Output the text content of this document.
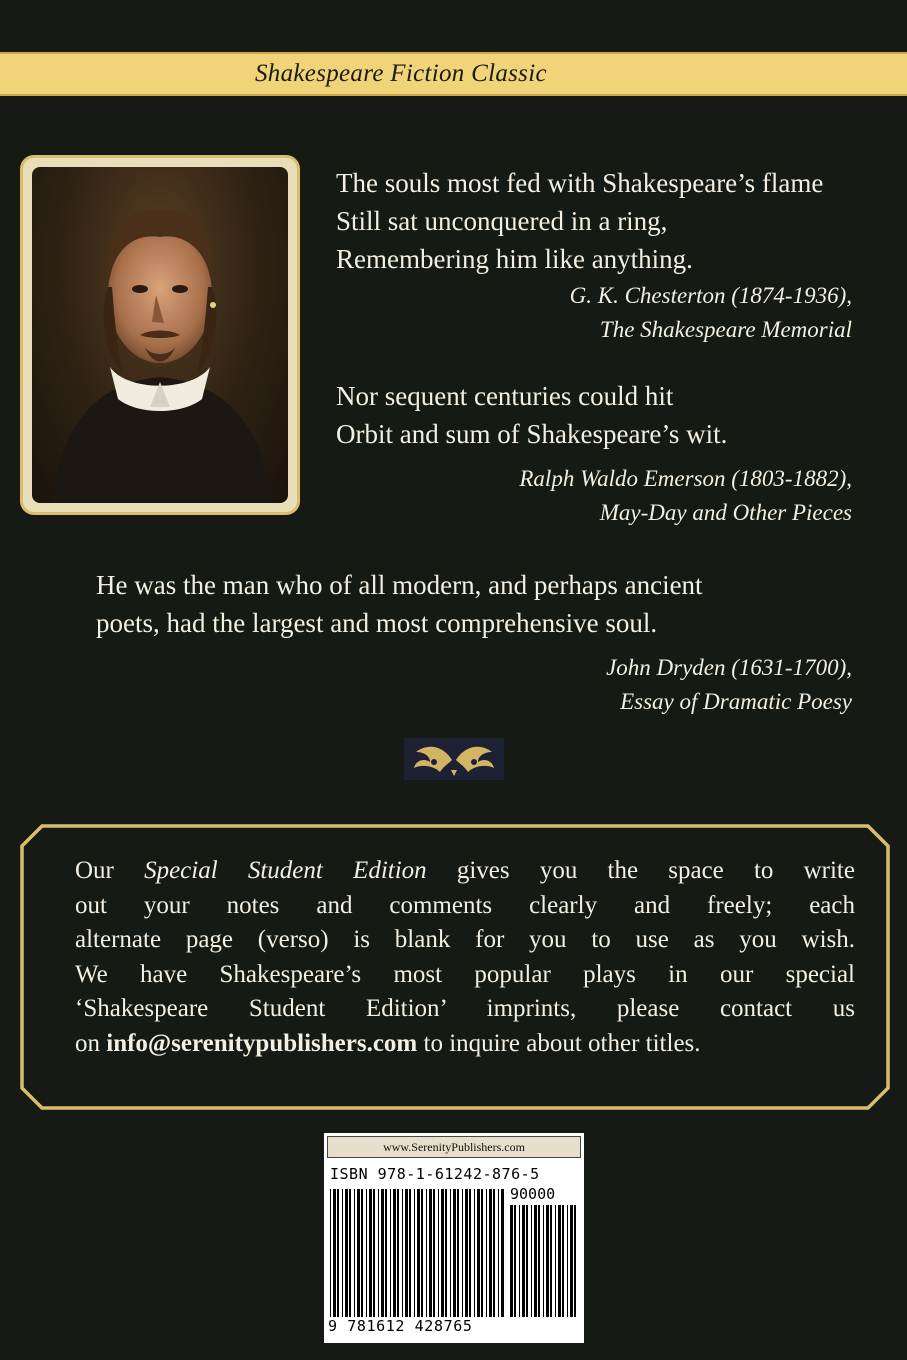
Shakespeare Fiction Classic
The souls most fed with Shakespeare’s flame
Still sat unconquered in a ring,
Remembering him like anything.
G. K. Chesterton (1874-1936),
The Shakespeare Memorial
Nor sequent centuries could hit
Orbit and sum of Shakespeare’s wit.
Ralph Waldo Emerson (1803-1882),
May-Day and Other Pieces
He was the man who of all modern, and perhaps ancient
poets, had the largest and most comprehensive soul.
John Dryden (1631-1700),
Essay of Dramatic Poesy
Our Special Student Edition gives you the space to write
out your notes and comments clearly and freely; each
alternate page (verso) is blank for you to use as you wish.
We have Shakespeare’s most popular plays in our special
‘Shakespeare Student Edition’ imprints, please contact us
on info@serenitypublishers.com to inquire about other titles.
www.SerenityPublishers.com
ISBN 978-1-61242-876-5
90000
9 781612 428765
